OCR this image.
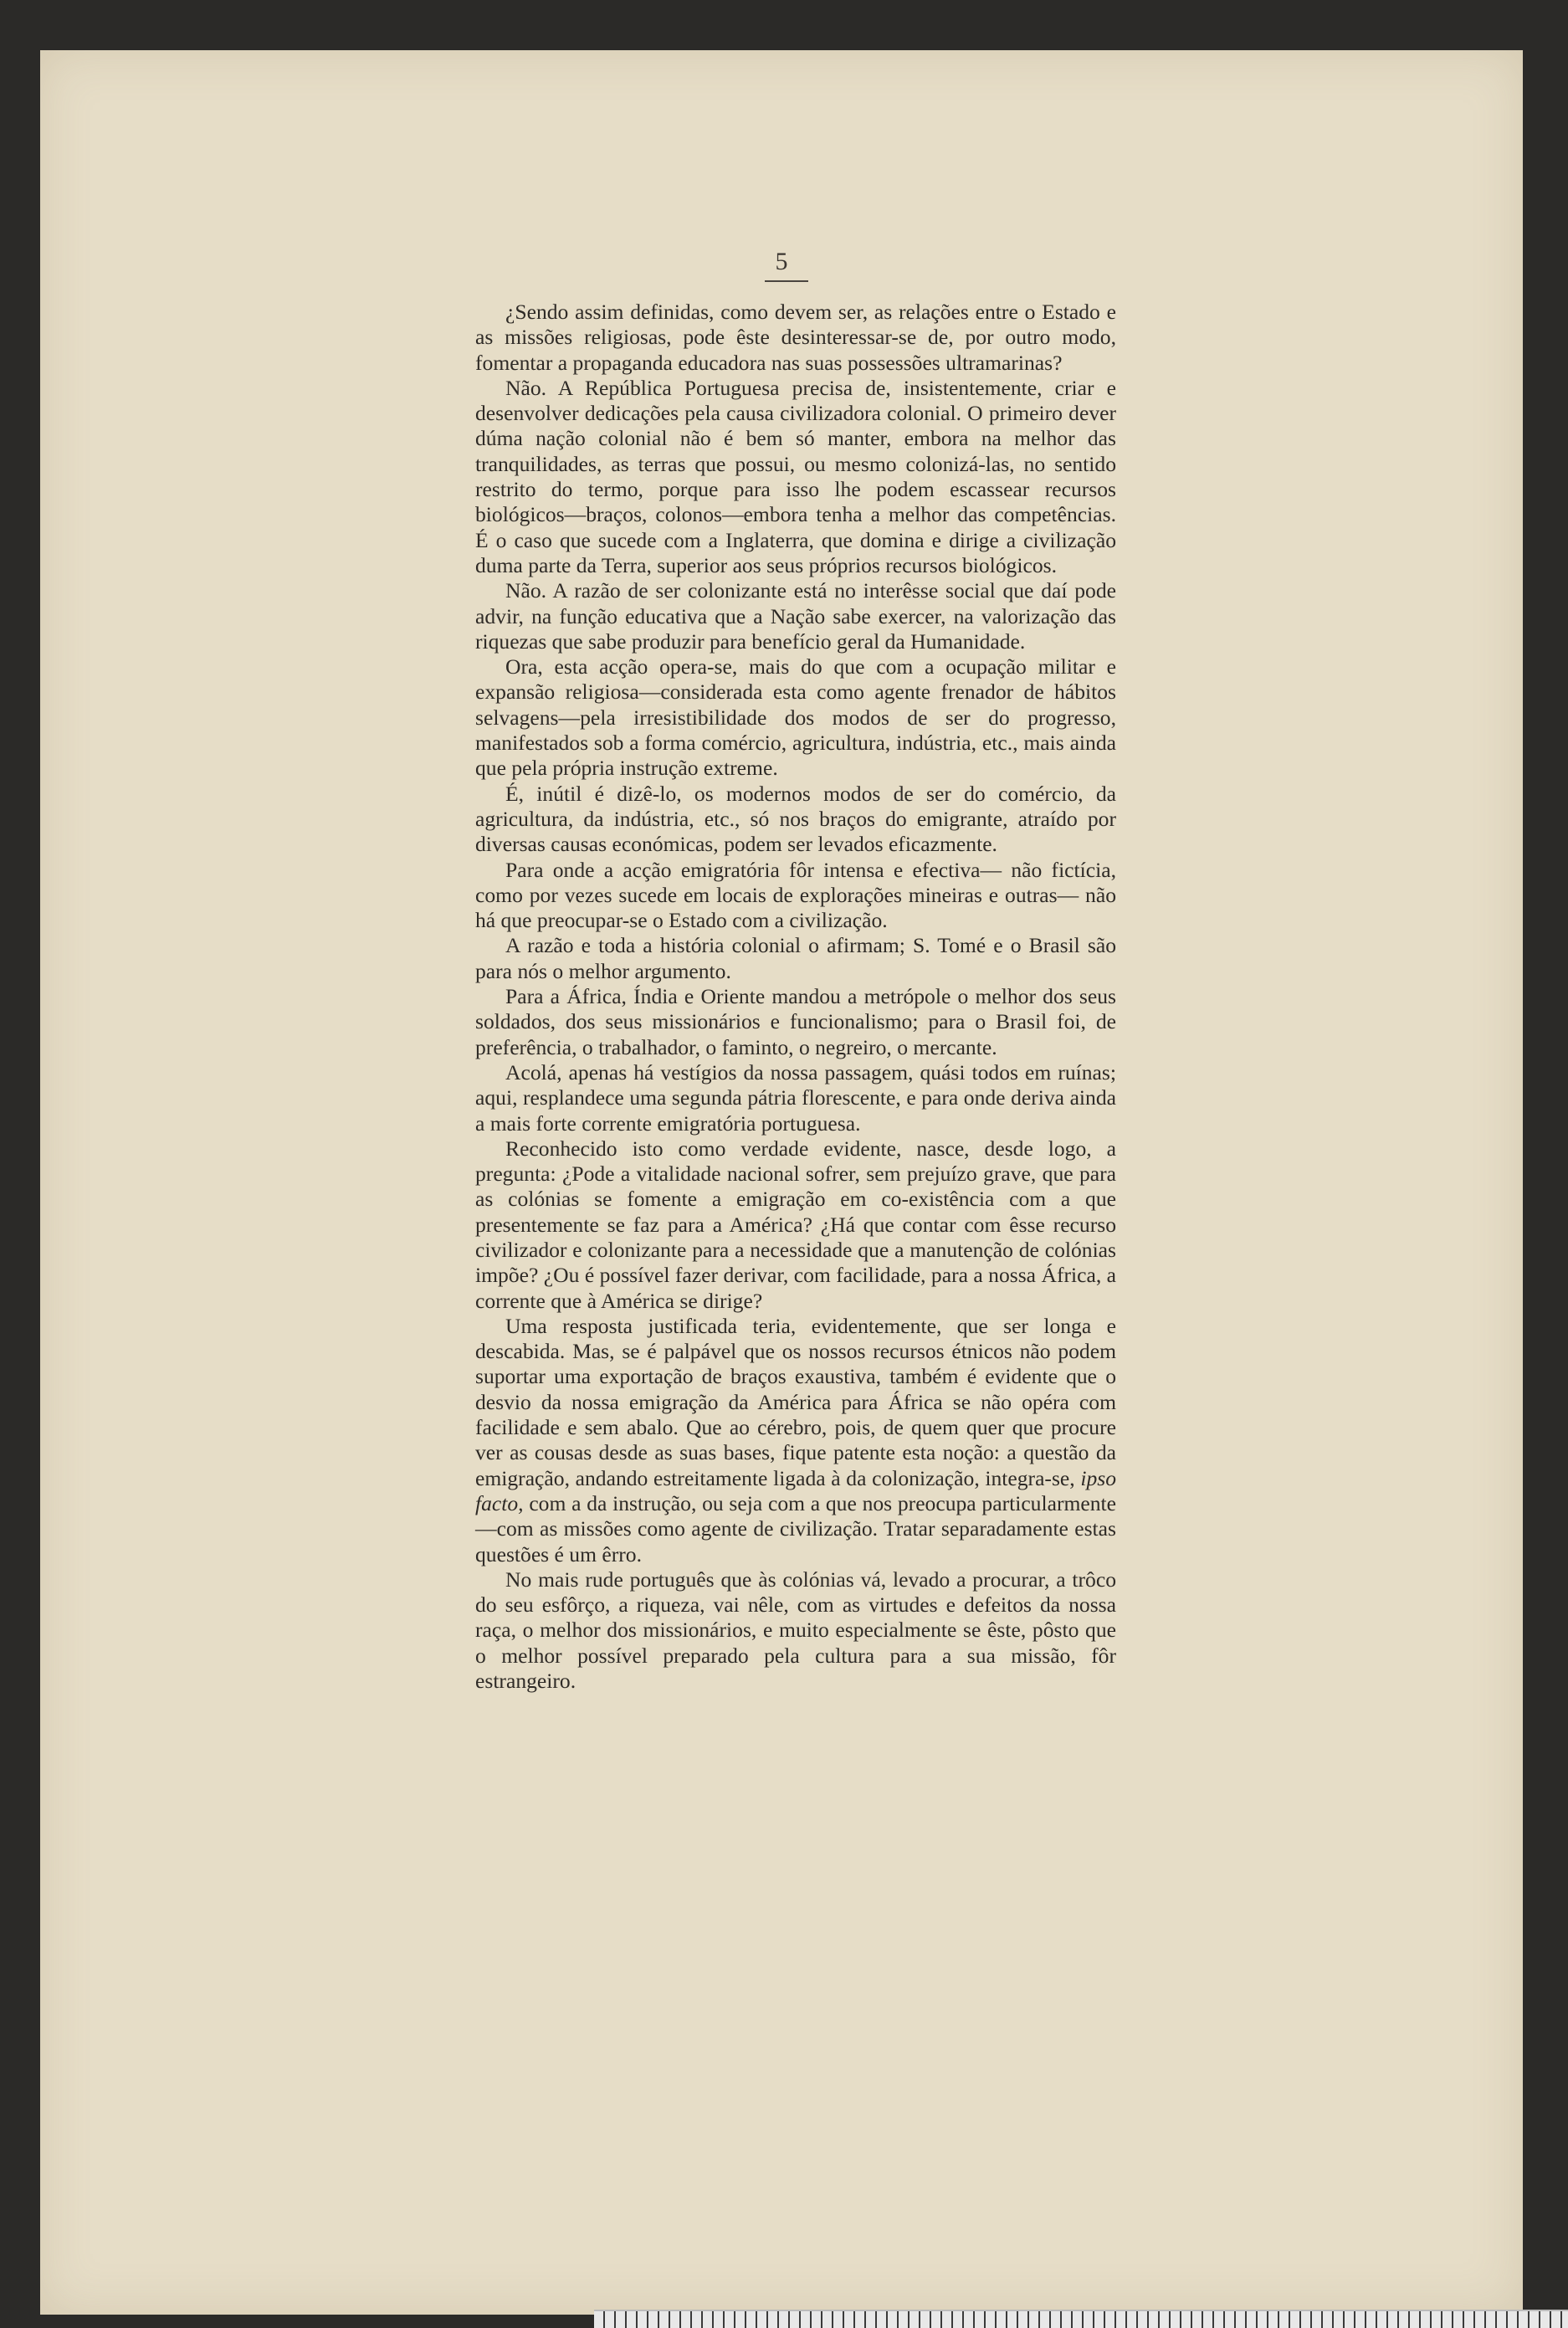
5

¿Sendo assim definidas, como devem ser, as relações entre o Estado e as missões religiosas, pode êste desinteressar-se de, por outro modo, fomentar a propaganda educadora nas suas possessões ultramarinas?

Não. A República Portuguesa precisa de, insistentemente, criar e desenvolver dedicações pela causa civilizadora colonial. O primeiro dever dúma nação colonial não é bem só manter, embora na melhor das tranquilidades, as terras que possui, ou mesmo colonizá-las, no sentido restrito do termo, porque para isso lhe podem escassear recursos biológicos—braços, colonos—embora tenha a melhor das competências. É o caso que sucede com a Inglaterra, que domina e dirige a civilização duma parte da Terra, superior aos seus próprios recursos biológicos.

Não. A razão de ser colonizante está no interêsse social que daí pode advir, na função educativa que a Nação sabe exercer, na valorização das riquezas que sabe produzir para benefício geral da Humanidade.

Ora, esta acção opera-se, mais do que com a ocupação militar e expansão religiosa—considerada esta como agente frenador de hábitos selvagens—pela irresistibilidade dos modos de ser do progresso, manifestados sob a forma comércio, agricultura, indústria, etc., mais ainda que pela própria instrução extreme.

É, inútil é dizê-lo, os modernos modos de ser do comércio, da agricultura, da indústria, etc., só nos braços do emigrante, atraído por diversas causas económicas, podem ser levados eficazmente.

Para onde a acção emigratória fôr intensa e efectiva— não fictícia, como por vezes sucede em locais de explorações mineiras e outras— não há que preocupar-se o Estado com a civilização.

A razão e toda a história colonial o afirmam; S. Tomé e o Brasil são para nós o melhor argumento.

Para a África, Índia e Oriente mandou a metrópole o melhor dos seus soldados, dos seus missionários e funcionalismo; para o Brasil foi, de preferência, o trabalhador, o faminto, o negreiro, o mercante.

Acolá, apenas há vestígios da nossa passagem, quási todos em ruínas; aqui, resplandece uma segunda pátria florescente, e para onde deriva ainda a mais forte corrente emigratória portuguesa.

Reconhecido isto como verdade evidente, nasce, desde logo, a pregunta: ¿Pode a vitalidade nacional sofrer, sem prejuízo grave, que para as colónias se fomente a emigração em co-existência com a que presentemente se faz para a América? ¿Há que contar com êsse recurso civilizador e colonizante para a necessidade que a manutenção de colónias impõe? ¿Ou é possível fazer derivar, com facilidade, para a nossa África, a corrente que à América se dirige?

Uma resposta justificada teria, evidentemente, que ser longa e descabida. Mas, se é palpável que os nossos recursos étnicos não podem suportar uma exportação de braços exaustiva, também é evidente que o desvio da nossa emigração da América para África se não opéra com facilidade e sem abalo. Que ao cérebro, pois, de quem quer que procure ver as cousas desde as suas bases, fique patente esta noção: a questão da emigração, andando estreitamente ligada à da colonização, integra-se, ipso facto, com a da instrução, ou seja com a que nos preocupa particularmente—com as missões como agente de civilização. Tratar separadamente estas questões é um êrro.

No mais rude português que às colónias vá, levado a procurar, a trôco do seu esfôrço, a riqueza, vai nêle, com as virtudes e defeitos da nossa raça, o melhor dos missionários, e muito especialmente se êste, pôsto que o melhor possível preparado pela cultura para a sua missão, fôr estrangeiro.
